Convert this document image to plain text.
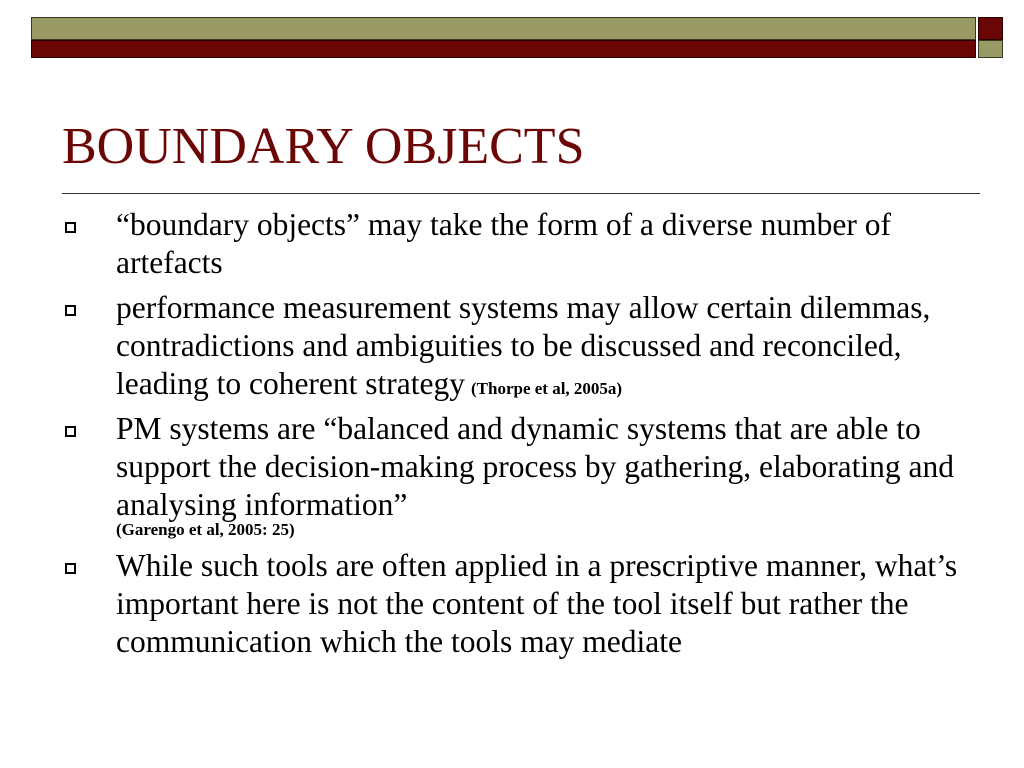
BOUNDARY OBJECTS
“boundary objects” may take the form of a diverse number of artefacts
performance measurement systems may allow certain dilemmas, contradictions and ambiguities to be discussed and reconciled, leading to coherent strategy (Thorpe et al, 2005a)
PM systems are “balanced and dynamic systems that are able to support the decision-making process by gathering, elaborating and analysing information”
(Garengo et al, 2005: 25)
While such tools are often applied in a prescriptive manner, what’s important here is not the content of the tool itself but rather the communication which the tools may mediate
